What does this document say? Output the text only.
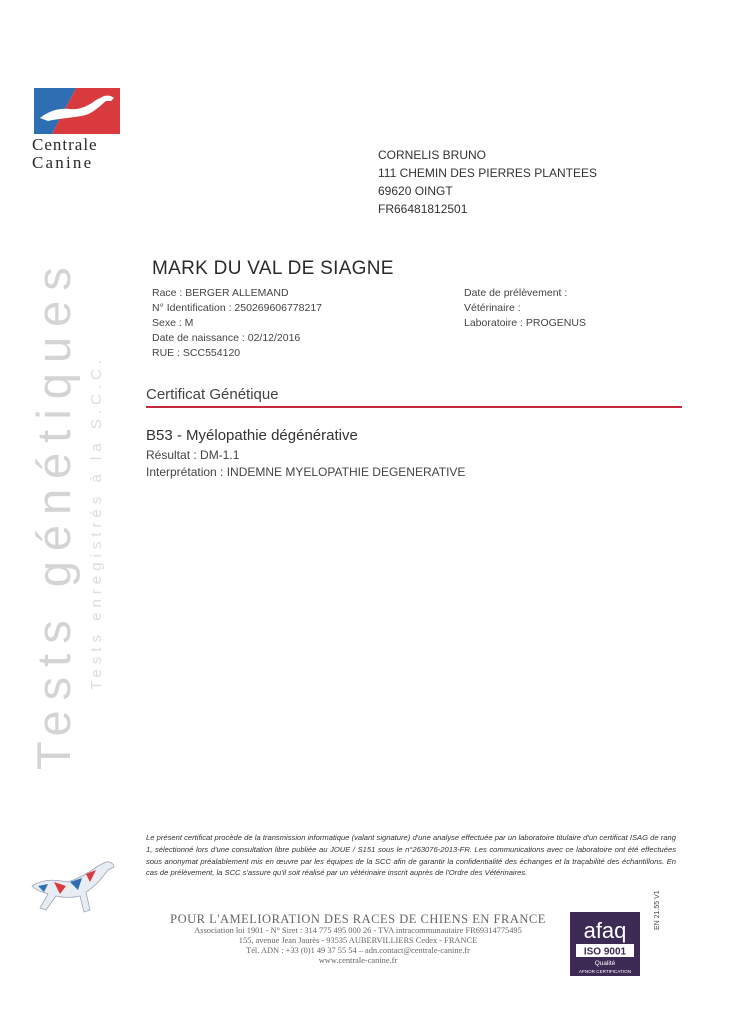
Centrale
Canine	CORNELIS BRUNO
111 CHEMIN DES PIERRES PLANTEES
69620 OINGT
FR66481812501
Tests génétiques Tests enregistrés à la S.C.C.
MARK DU VAL DE SIAGNE
Race : BERGER ALLEMAND
N° Identification : 250269606778217
Sexe : M
Date de naissance : 02/12/2016
RUE : SCC554120
Date de prélèvement :
Vétérinaire :
Laboratoire : PROGENUS
Certificat Génétique
B53 - Myélopathie dégénérative
Résultat : DM-1.1
Interprétation : INDEMNE MYELOPATHIE DEGENERATIVE
Le présent certificat procède de la transmission informatique (valant signature) d'une analyse effectuée par un laboratoire titulaire d'un certificat ISAG de rang 1, sélectionné lors d'une consultation libre publiée au JOUE / S151 sous le n°263076-2013-FR. Les communications avec ce laboratoire ont été effectuées sous anonymat préalablement mis en œuvre par les équipes de la SCC afin de garantir la confidentialité des échanges et la traçabilité des échantillons. En cas de prélèvement, la SCC s'assure qu'il soit réalisé par un vétérinaire inscrit auprès de l'Ordre des Vétérinaires.
POUR L'AMELIORATION DES RACES DE CHIENS EN FRANCE
Association loi 1901 - N° Siret : 314 775 495 000 26 - TVA intracommunautaire FR69314775495
155, avenue Jean Jaurès - 93535 AUBERVILLIERS Cedex - FRANCE
Tél. ADN : +33 (0)1 49 37 55 54 – adn.contact@centrale-canine.fr
www.centrale-canine.fr
afaq
ISO 9001
Qualité
AFNOR CERTIFICATION
EN 21.55 V1
